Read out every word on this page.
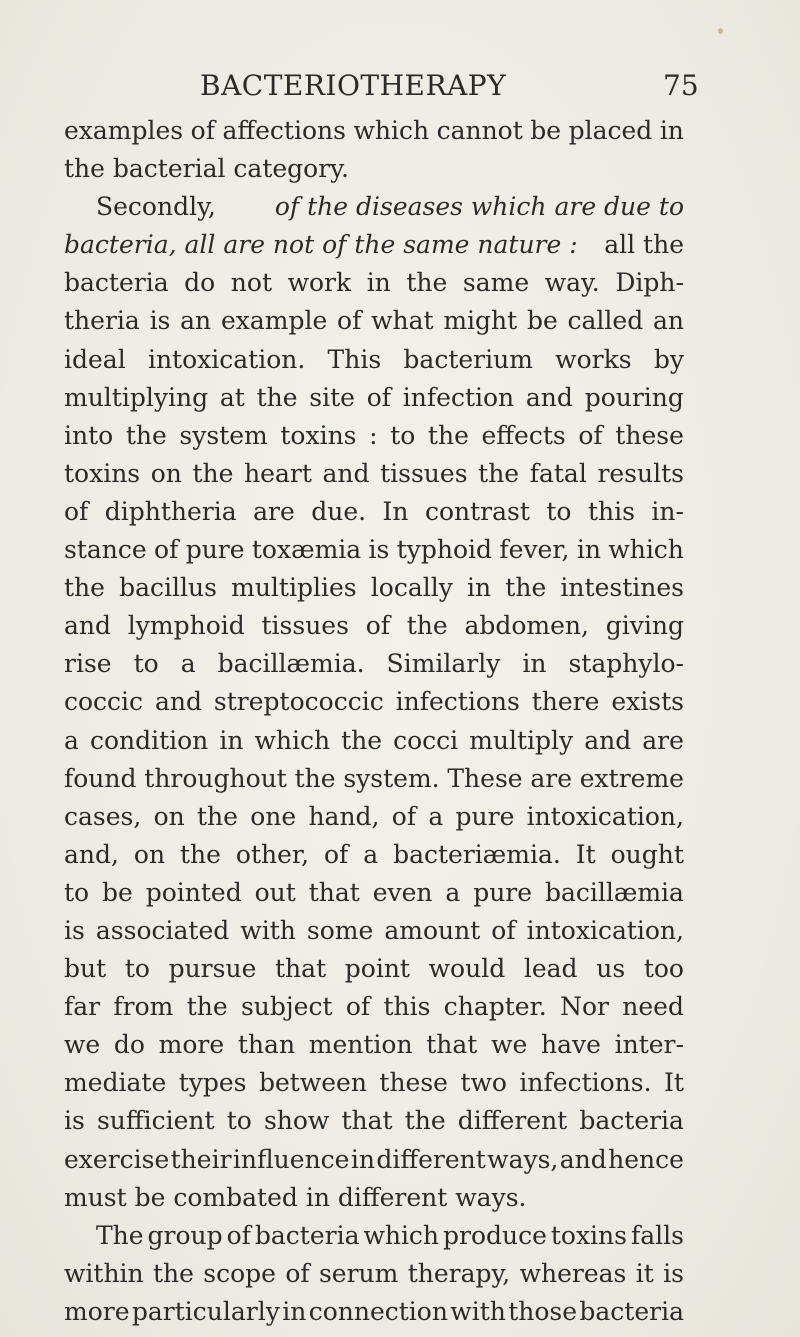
BACTERIOTHERAPY	75
examples of affections which cannot be placed in
the bacterial category.
Secondly, of the diseases which are due to
bacteria, all are not of the same nature : all the
bacteria do not work in the same way. Diph-
theria is an example of what might be called an
ideal intoxication. This bacterium works by
multiplying at the site of infection and pouring
into the system toxins : to the effects of these
toxins on the heart and tissues the fatal results
of diphtheria are due. In contrast to this in-
stance of pure toxæmia is typhoid fever, in which
the bacillus multiplies locally in the intestines
and lymphoid tissues of the abdomen, giving
rise to a bacillæmia. Similarly in staphylo-
coccic and streptococcic infections there exists
a condition in which the cocci multiply and are
found throughout the system. These are extreme
cases, on the one hand, of a pure intoxication,
and, on the other, of a bacteriæmia. It ought
to be pointed out that even a pure bacillæmia
is associated with some amount of intoxication,
but to pursue that point would lead us too
far from the subject of this chapter. Nor need
we do more than mention that we have inter-
mediate types between these two infections. It
is sufficient to show that the different bacteria
exercise their influence in different ways, and hence
must be combated in different ways.
The group of bacteria which produce toxins falls
within the scope of serum therapy, whereas it is
more particularly in connection with those bacteria
